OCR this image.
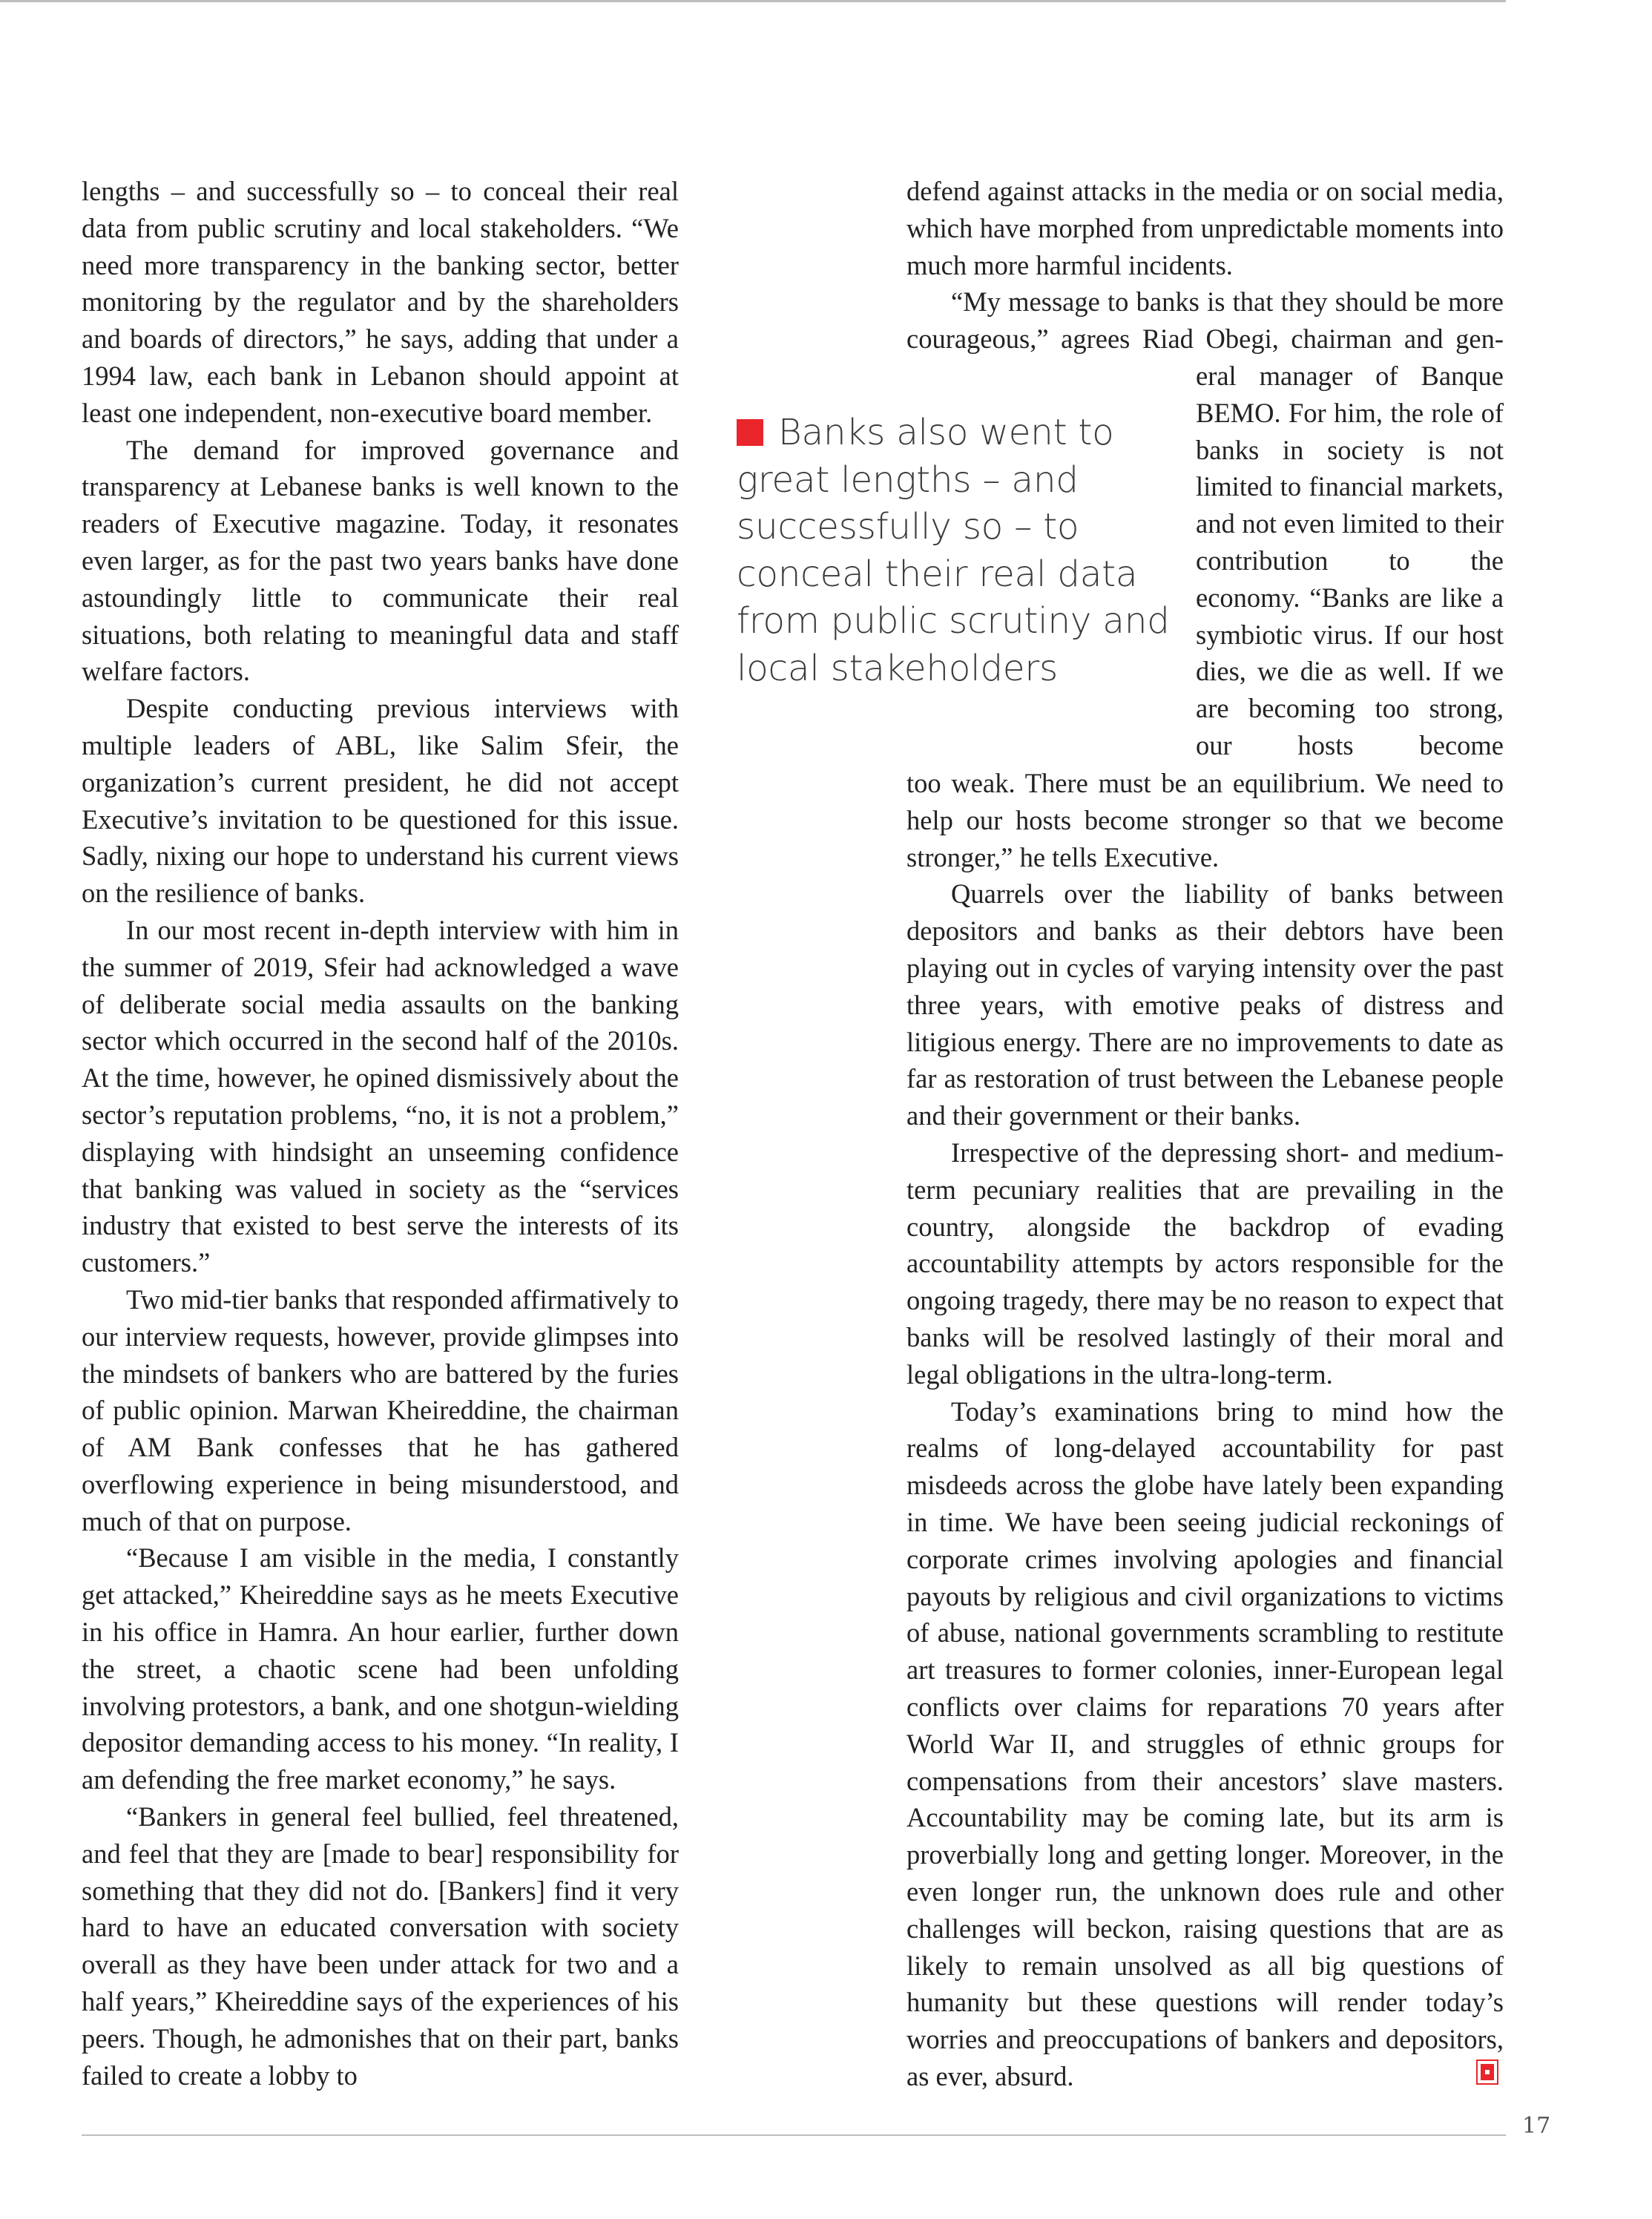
lengths – and successfully so – to conceal their real data from public scrutiny and local stakeholders. “We need more transparency in the banking sector, better monitoring by the regulator and by the shareholders and boards of directors,” he says, adding that under a 1994 law, each bank in Lebanon should appoint at least one independent, non-executive board member.

The demand for improved governance and transparency at Lebanese banks is well known to the readers of Executive magazine. Today, it resonates even larger, as for the past two years banks have done astoundingly little to communicate their real situations, both relating to meaningful data and staff welfare factors.

Despite conducting previous interviews with multiple leaders of ABL, like Salim Sfeir, the organization’s current president, he did not accept Executive’s invitation to be questioned for this issue. Sadly, nixing our hope to understand his current views on the resilience of banks.

In our most recent in-depth interview with him in the summer of 2019, Sfeir had acknowledged a wave of deliberate social media assaults on the banking sector which occurred in the second half of the 2010s. At the time, however, he opined dismissively about the sector’s reputation problems, “no, it is not a problem,” displaying with hindsight an unseeming confidence that banking was valued in society as the “services industry that existed to best serve the interests of its customers.”

Two mid-tier banks that responded affirmatively to our interview requests, however, provide glimpses into the mindsets of bankers who are battered by the furies of public opinion. Marwan Kheireddine, the chairman of AM Bank confesses that he has gathered overflowing experience in being misunderstood, and much of that on purpose.

“Because I am visible in the media, I constantly get attacked,” Kheireddine says as he meets Executive in his office in Hamra. An hour earlier, further down the street, a chaotic scene had been unfolding involving protestors, a bank, and one shotgun-wielding depositor demanding access to his money. “In reality, I am defending the free market economy,” he says.

“Bankers in general feel bullied, feel threatened, and feel that they are [made to bear] responsibility for something that they did not do. [Bankers] find it very hard to have an educated conversation with society overall as they have been under attack for two and a half years,” Kheireddine says of the experiences of his peers. Though, he admonishes that on their part, banks failed to create a lobby to

defend against attacks in the media or on social media, which have morphed from unpredictable moments into much more harmful incidents.

“My message to banks is that they should be more courageous,” agrees Riad Obegi, chairman and gen-

Banks also went to great lengths – and successfully so – to conceal their real data from public scrutiny and local stakeholders

eral manager of Banque BEMO. For him, the role of banks in society is not limited to financial markets, and not even limited to their contribution to the economy. “Banks are like a symbiotic virus. If our host dies, we die as well. If we are becoming too strong, our hosts become

too weak. There must be an equilibrium. We need to help our hosts become stronger so that we become stronger,” he tells Executive.

Quarrels over the liability of banks between depositors and banks as their debtors have been playing out in cycles of varying intensity over the past three years, with emotive peaks of distress and litigious energy. There are no improvements to date as far as restoration of trust between the Lebanese people and their government or their banks.

Irrespective of the depressing short- and medium-term pecuniary realities that are prevailing in the country, alongside the backdrop of evading accountability attempts by actors responsible for the ongoing tragedy, there may be no reason to expect that banks will be resolved lastingly of their moral and legal obligations in the ultra-long-term.

Today’s examinations bring to mind how the realms of long-delayed accountability for past misdeeds across the globe have lately been expanding in time. We have been seeing judicial reckonings of corporate crimes involving apologies and financial payouts by religious and civil organizations to victims of abuse, national governments scrambling to restitute art treasures to former colonies, inner-European legal conflicts over claims for reparations 70 years after World War II, and struggles of ethnic groups for compensations from their ancestors’ slave masters. Accountability may be coming late, but its arm is proverbially long and getting longer. Moreover, in the even longer run, the unknown does rule and other challenges will beckon, raising questions that are as likely to remain unsolved as all big questions of humanity but these questions will render today’s worries and preoccupations of bankers and depositors, as ever, absurd.

17
